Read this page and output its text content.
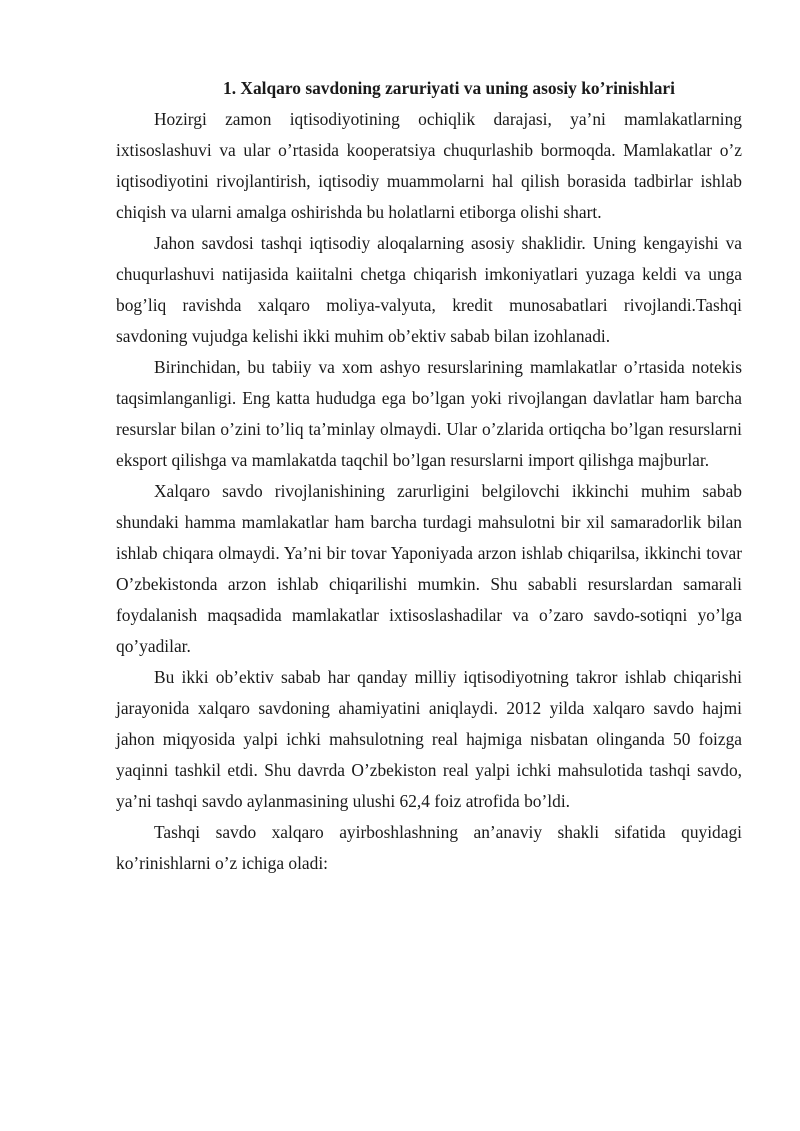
1. Xalqaro savdoning zaruriyati va uning asosiy ko’rinishlari

Hozirgi zamon iqtisodiyotining ochiqlik darajasi, ya’ni mamlakatlarning ixtisoslashuvi va ular o’rtasida kooperatsiya chuqurlashib bormoqda. Mamlakatlar o’z iqtisodiyotini rivojlantirish, iqtisodiy muammolarni hal qilish borasida tadbirlar ishlab chiqish va ularni amalga oshirishda bu holatlarni etiborga olishi shart.

Jahon savdosi tashqi iqtisodiy aloqalarning asosiy shaklidir. Uning kengayishi va chuqurlashuvi natijasida kaiitalni chetga chiqarish imkoniyatlari yuzaga keldi va unga bog’liq ravishda xalqaro moliya-valyuta, kredit munosabatlari rivojlandi.Tashqi savdoning vujudga kelishi ikki muhim ob’ektiv sabab bilan izohlanadi.

Birinchidan, bu tabiiy va xom ashyo resurslarining mamlakatlar o’rtasida notekis taqsimlanganligi. Eng katta hududga ega bo’lgan yoki rivojlangan davlatlar ham barcha resurslar bilan o’zini to’liq ta’minlay olmaydi. Ular o’zlarida ortiqcha bo’lgan resurslarni eksport qilishga va mamlakatda taqchil bo’lgan resurslarni import qilishga majburlar.

Xalqaro savdo rivojlanishining zarurligini belgilovchi ikkinchi muhim sabab shundaki hamma mamlakatlar ham barcha turdagi mahsulotni bir xil samaradorlik bilan ishlab chiqara olmaydi. Ya’ni bir tovar Yaponiyada arzon ishlab chiqarilsa, ikkinchi tovar O’zbekistonda arzon ishlab chiqarilishi mumkin. Shu sababli resurslardan samarali foydalanish maqsadida mamlakatlar ixtisoslashadilar va o’zaro savdo-sotiqni yo’lga qo’yadilar.

Bu ikki ob’ektiv sabab har qanday milliy iqtisodiyotning takror ishlab chiqarishi jarayonida xalqaro savdoning ahamiyatini aniqlaydi. 2012 yilda xalqaro savdo hajmi jahon miqyosida yalpi ichki mahsulotning real hajmiga nisbatan olinganda 50 foizga yaqinni tashkil etdi. Shu davrda O’zbekiston real yalpi ichki mahsulotida tashqi savdo, ya’ni tashqi savdo aylanmasining ulushi 62,4 foiz atrofida bo’ldi.

Tashqi savdo xalqaro ayirboshlashning an’anaviy shakli sifatida quyidagi ko’rinishlarni o’z ichiga oladi:
